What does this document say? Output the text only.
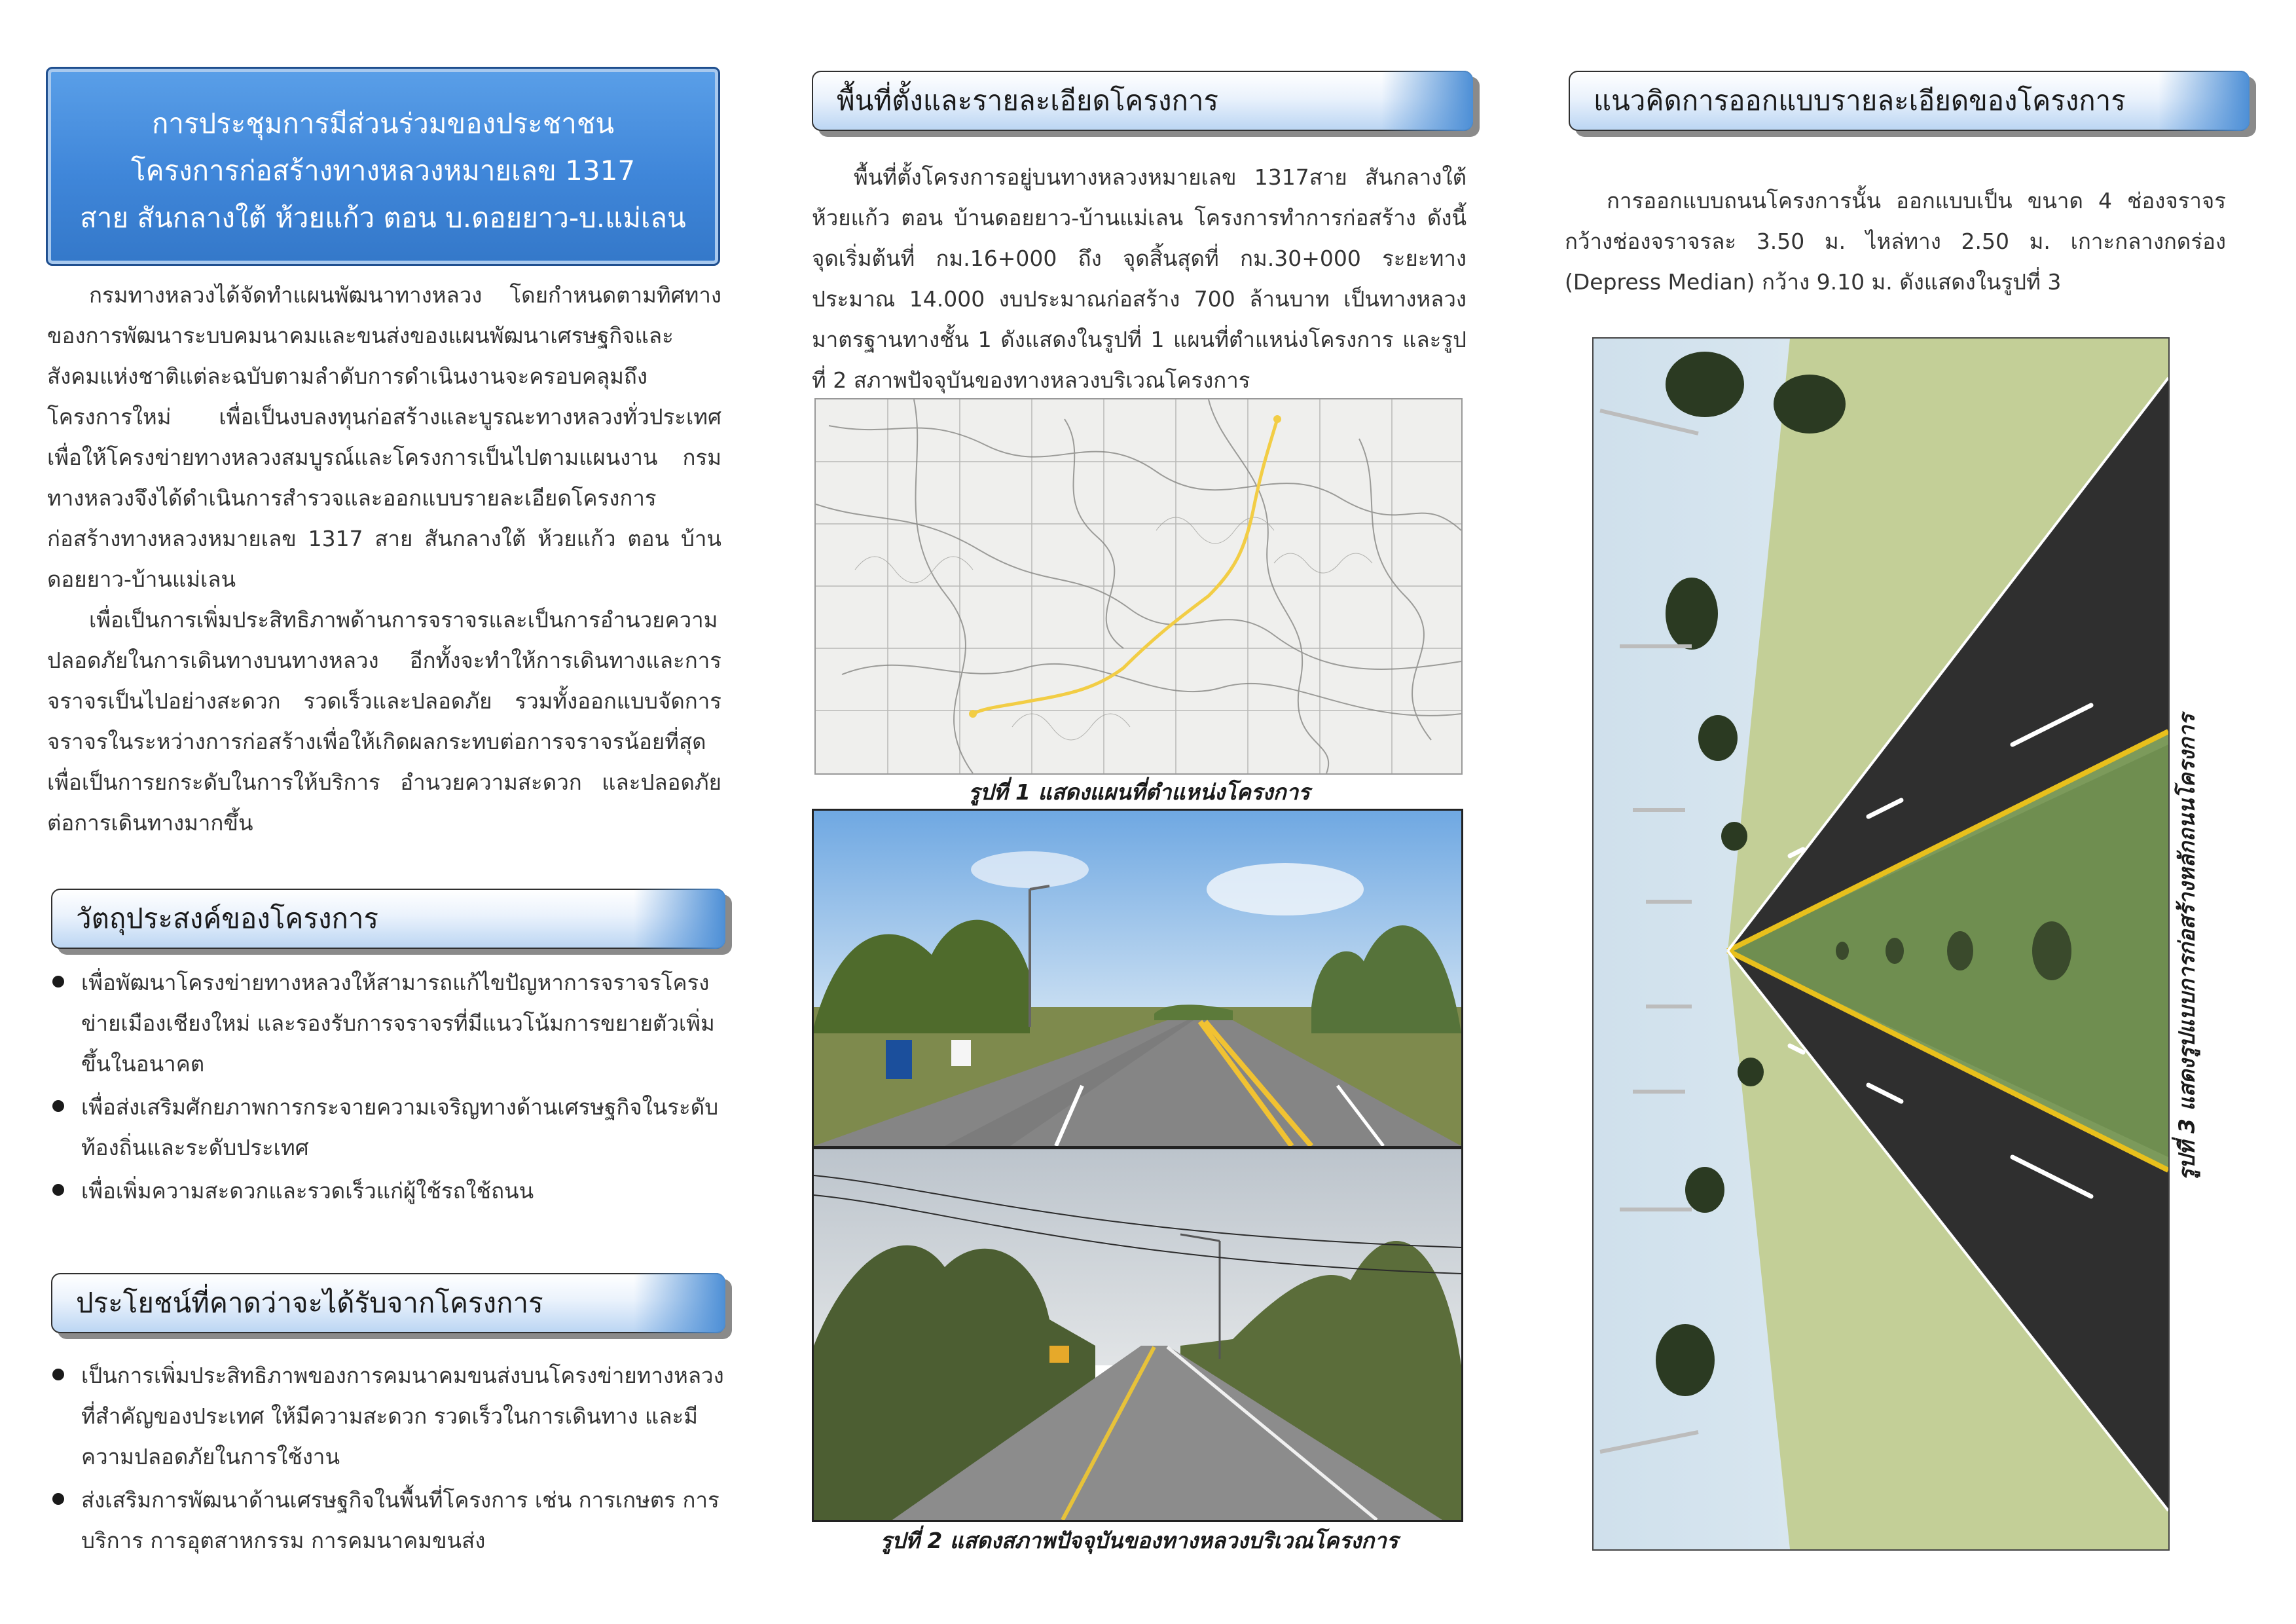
การประชุมการมีส่วนร่วมของประชาชน
โครงการก่อสร้างทางหลวงหมายเลข 1317
สาย สันกลางใต้ ห้วยแก้ว ตอน บ.ดอยยาว-บ.แม่เลน

กรมทางหลวงได้จัดทำแผนพัฒนาทางหลวง โดยกำหนดตามทิศทางของการพัฒนาระบบคมนาคมและขนส่งของแผนพัฒนาเศรษฐกิจและสังคมแห่งชาติแต่ละฉบับตามลำดับการดำเนินงานจะครอบคลุมถึงโครงการใหม่ เพื่อเป็นงบลงทุนก่อสร้างและบูรณะทางหลวงทั่วประเทศ เพื่อให้โครงข่ายทางหลวงสมบูรณ์และโครงการเป็นไปตามแผนงาน กรมทางหลวงจึงได้ดำเนินการสำรวจและออกแบบรายละเอียดโครงการก่อสร้างทางหลวงหมายเลข 1317 สาย สันกลางใต้ ห้วยแก้ว ตอน บ้านดอยยาว-บ้านแม่เลน

เพื่อเป็นการเพิ่มประสิทธิภาพด้านการจราจรและเป็นการอำนวยความปลอดภัยในการเดินทางบนทางหลวง อีกทั้งจะทำให้การเดินทางและการจราจรเป็นไปอย่างสะดวก รวดเร็วและปลอดภัย รวมทั้งออกแบบจัดการจราจรในระหว่างการก่อสร้างเพื่อให้เกิดผลกระทบต่อการจราจรน้อยที่สุด เพื่อเป็นการยกระดับในการให้บริการ อำนวยความสะดวก และปลอดภัยต่อการเดินทางมากขึ้น

วัตถุประสงค์ของโครงการ
เพื่อพัฒนาโครงข่ายทางหลวงให้สามารถแก้ไขปัญหาการจราจรโครงข่ายเมืองเชียงใหม่ และรองรับการจราจรที่มีแนวโน้มการขยายตัวเพิ่มขึ้นในอนาคต
เพื่อส่งเสริมศักยภาพการกระจายความเจริญทางด้านเศรษฐกิจในระดับท้องถิ่นและระดับประเทศ
เพื่อเพิ่มความสะดวกและรวดเร็วแก่ผู้ใช้รถใช้ถนน
ประโยชน์ที่คาดว่าจะได้รับจากโครงการ
เป็นการเพิ่มประสิทธิภาพของการคมนาคมขนส่งบนโครงข่ายทางหลวงที่สำคัญของประเทศ ให้มีความสะดวก รวดเร็วในการเดินทาง และมีความปลอดภัยในการใช้งาน
ส่งเสริมการพัฒนาด้านเศรษฐกิจในพื้นที่โครงการ เช่น การเกษตร การบริการ การอุตสาหกรรม การคมนาคมขนส่ง
พื้นที่ตั้งและรายละเอียดโครงการ

พื้นที่ตั้งโครงการอยู่บนทางหลวงหมายเลข 1317สาย สันกลางใต้ ห้วยแก้ว ตอน บ้านดอยยาว-บ้านแม่เลน โครงการทำการก่อสร้าง ดังนี้ จุดเริ่มต้นที่ กม.16+000 ถึง จุดสิ้นสุดที่ กม.30+000 ระยะทางประมาณ 14.000 งบประมาณก่อสร้าง 700 ล้านบาท เป็นทางหลวงมาตรฐานทางชั้น 1 ดังแสดงในรูปที่ 1 แผนที่ตำแหน่งโครงการ และรูปที่ 2 สภาพปัจจุบันของทางหลวงบริเวณโครงการ

รูปที่ 1 แสดงแผนที่ตำแหน่งโครงการ
รูปที่ 2 แสดงสภาพปัจจุบันของทางหลวงบริเวณโครงการ
แนวคิดการออกแบบรายละเอียดของโครงการ

การออกแบบถนนโครงการนั้น ออกแบบเป็น ขนาด 4 ช่องจราจร กว้างช่องจราจรละ 3.50 ม. ไหล่ทาง 2.50 ม. เกาะกลางกดร่อง (Depress Median) กว้าง 9.10 ม. ดังแสดงในรูปที่ 3

รูปที่ 3 แสดงรูปแบบการก่อสร้างหลักถนนโครงการ
